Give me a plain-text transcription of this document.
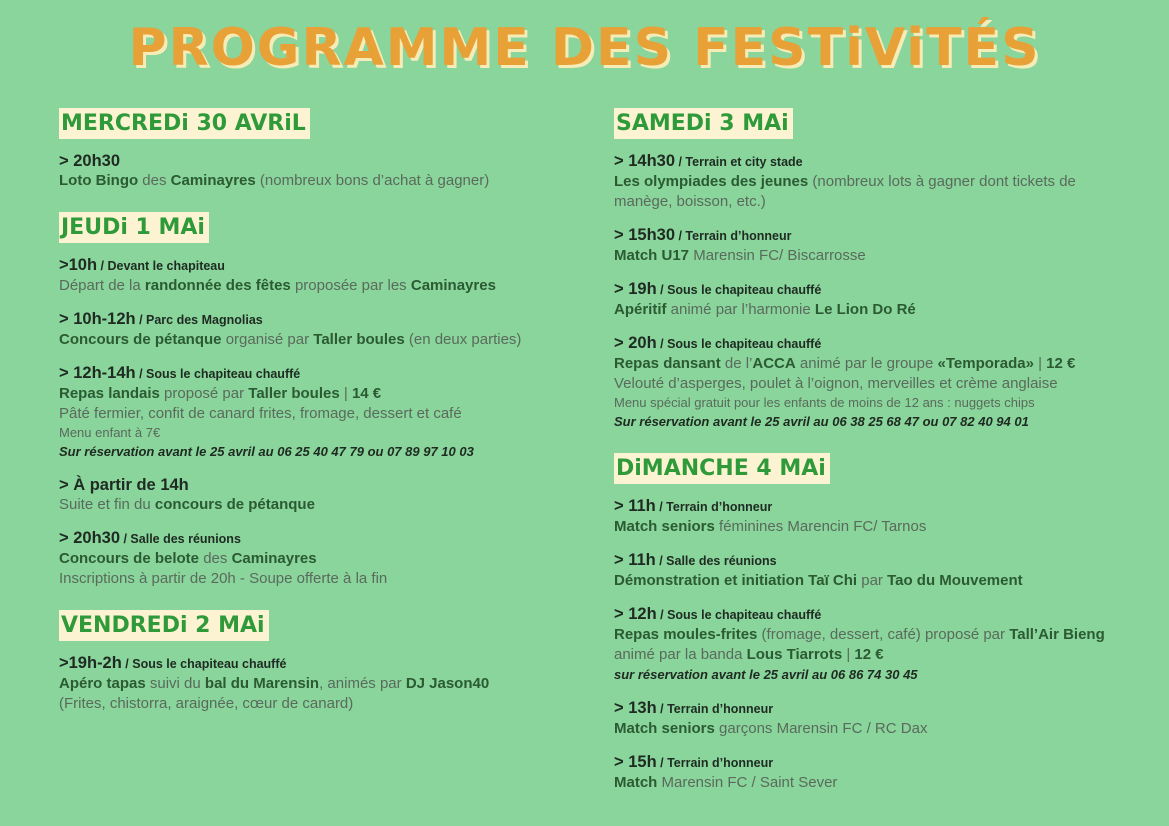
PROGRAMME DES FESTiViTÉS
MERCREDi 30 AVRiL
> 20h30
Loto Bingo des Caminayres (nombreux bons d’achat à gagner)
JEUDi 1 MAi
>10h / Devant le chapiteau
Départ de la randonnée des fêtes proposée par les Caminayres
> 10h-12h / Parc des Magnolias
Concours de pétanque organisé par Taller boules (en deux parties)
> 12h-14h / Sous le chapiteau chauffé
Repas landais proposé par Taller boules | 14 €
Pâté fermier, confit de canard frites, fromage, dessert et café
Menu enfant à 7€
Sur réservation avant le 25 avril au 06 25 40 47 79 ou 07 89 97 10 03
> À partir de 14h
Suite et fin du concours de pétanque
> 20h30 / Salle des réunions
Concours de belote des Caminayres
Inscriptions à partir de 20h - Soupe offerte à la fin
VENDREDi 2 MAi
>19h-2h / Sous le chapiteau chauffé
Apéro tapas suivi du bal du Marensin, animés par DJ Jason40
(Frites, chistorra, araignée, cœur de canard)
SAMEDi 3 MAi
> 14h30 / Terrain et city stade
Les olympiades des jeunes (nombreux lots à gagner dont tickets de
manège, boisson, etc.)
> 15h30 / Terrain d’honneur
Match U17 Marensin FC/ Biscarrosse
> 19h / Sous le chapiteau chauffé
Apéritif animé par l’harmonie Le Lion Do Ré
> 20h / Sous le chapiteau chauffé
Repas dansant de l’ACCA animé par le groupe «Temporada» | 12 €
Velouté d’asperges, poulet à l’oignon, merveilles et crème anglaise
Menu spécial gratuit pour les enfants de moins de 12 ans : nuggets chips
Sur réservation avant le 25 avril au 06 38 25 68 47 ou 07 82 40 94 01
DiMANCHE 4 MAi
> 11h / Terrain d’honneur
Match seniors féminines Marencin FC/ Tarnos
> 11h / Salle des réunions
Démonstration et initiation Taï Chi par Tao du Mouvement
> 12h / Sous le chapiteau chauffé
Repas moules-frites (fromage, dessert, café) proposé par Tall’Air Bieng
animé par la banda Lous Tiarrots | 12 €
sur réservation avant le 25 avril au 06 86 74 30 45
> 13h / Terrain d’honneur
Match seniors garçons Marensin FC / RC Dax
> 15h / Terrain d’honneur
Match Marensin FC / Saint Sever
